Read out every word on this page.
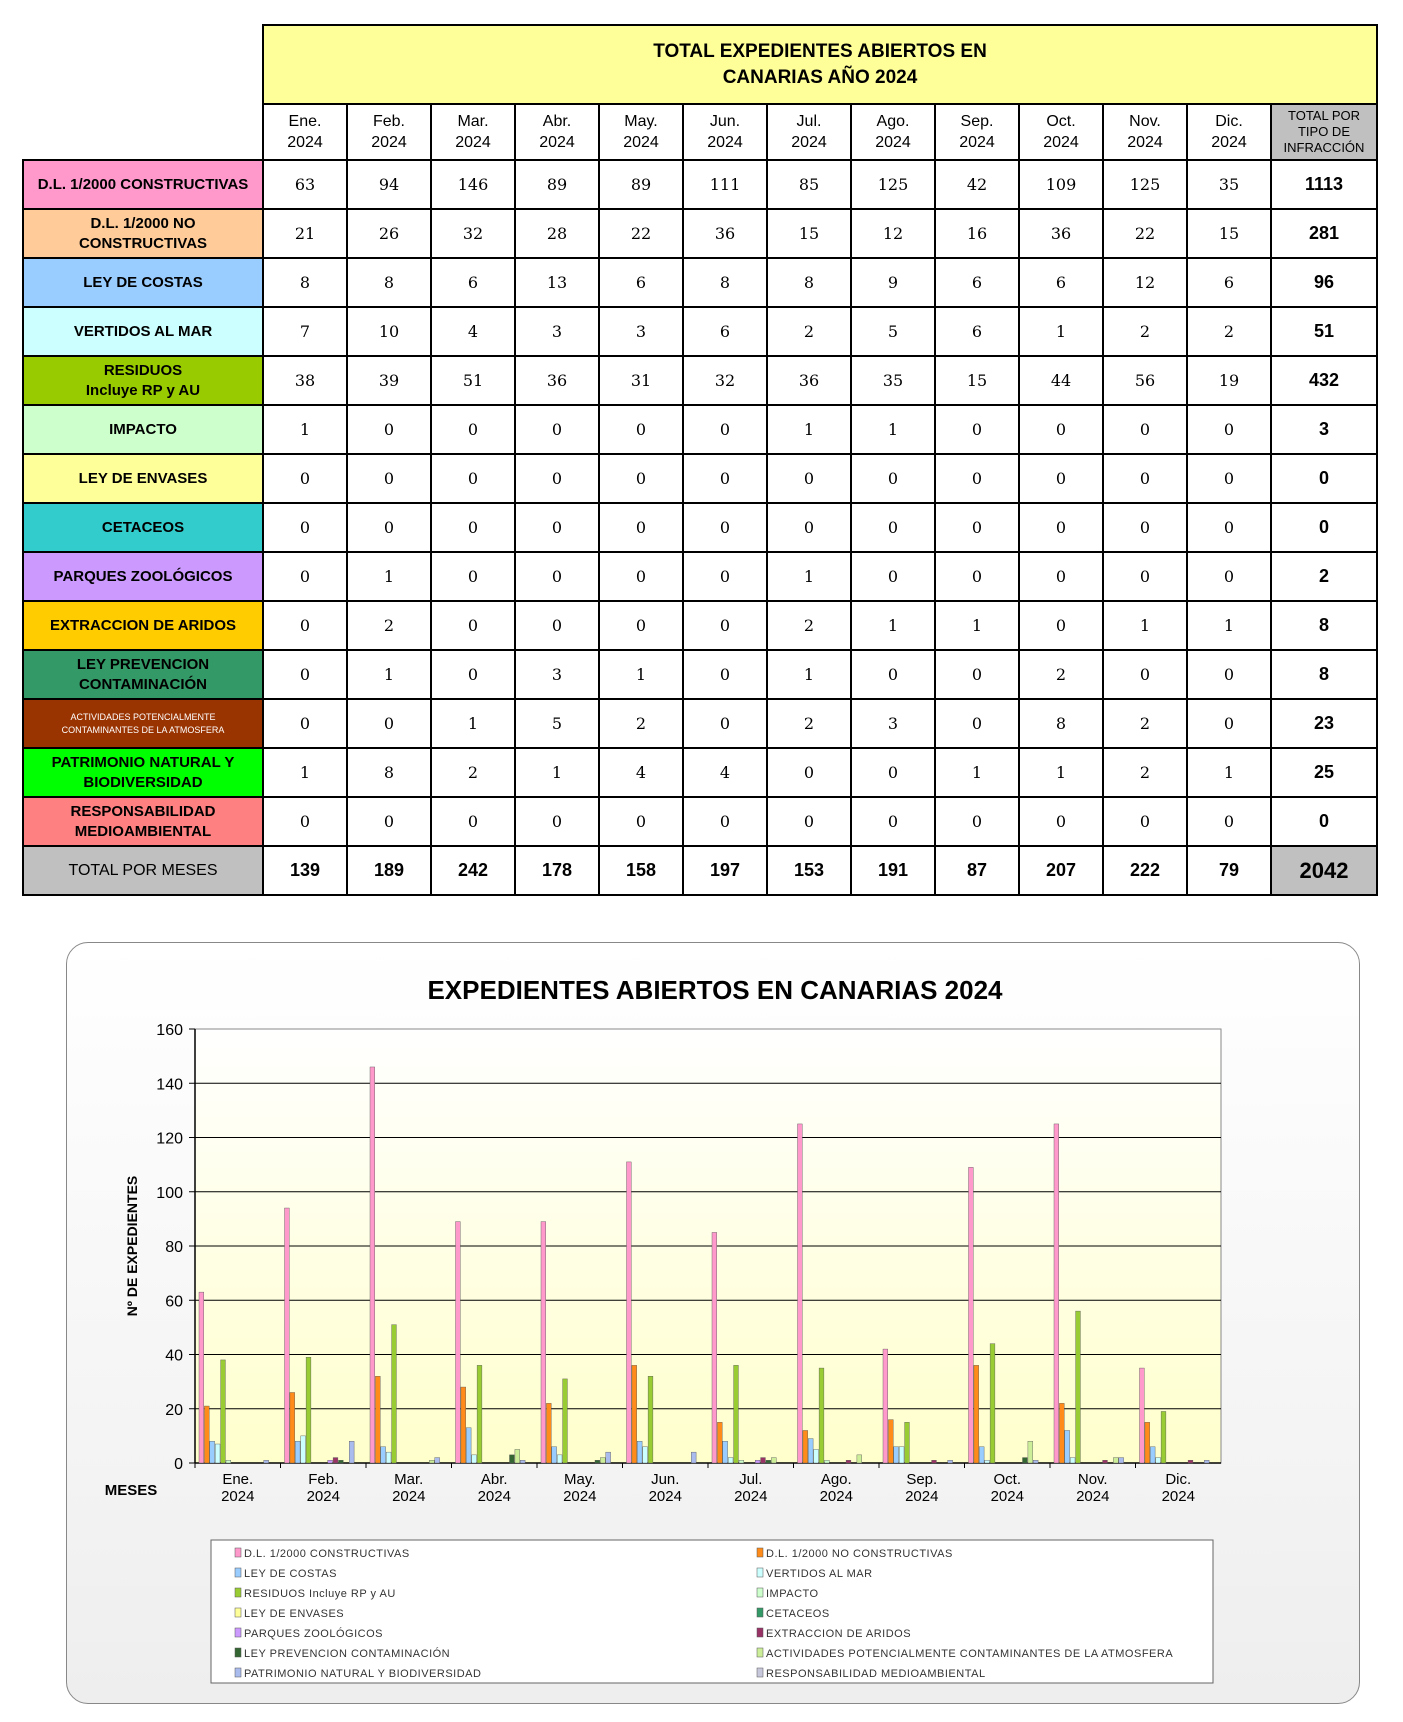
	TOTAL EXPEDIENTES ABIERTOS EN
CANARIAS AÑO 2024												
	Ene.
2024	Feb.
2024	Mar.
2024	Abr.
2024	May.
2024	Jun.
2024	Jul.
2024	Ago.
2024	Sep.
2024	Oct.
2024	Nov.
2024	Dic.
2024	TOTAL POR
TIPO DE
INFRACCIÓN
D.L. 1/2000 CONSTRUCTIVAS	63	94	146	89	89	111	85	125	42	109	125	35	1113
D.L. 1/2000 NO
CONSTRUCTIVAS	21	26	32	28	22	36	15	12	16	36	22	15	281
LEY DE COSTAS	8	8	6	13	6	8	8	9	6	6	12	6	96
VERTIDOS AL MAR	7	10	4	3	3	6	2	5	6	1	2	2	51
RESIDUOS
Incluye RP y AU	38	39	51	36	31	32	36	35	15	44	56	19	432
IMPACTO	1	0	0	0	0	0	1	1	0	0	0	0	3
LEY DE ENVASES	0	0	0	0	0	0	0	0	0	0	0	0	0
CETACEOS	0	0	0	0	0	0	0	0	0	0	0	0	0
PARQUES ZOOLÓGICOS	0	1	0	0	0	0	1	0	0	0	0	0	2
EXTRACCION DE ARIDOS	0	2	0	0	0	0	2	1	1	0	1	1	8
LEY PREVENCION
CONTAMINACIÓN	0	1	0	3	1	0	1	0	0	2	0	0	8
ACTIVIDADES POTENCIALMENTE
CONTAMINANTES DE LA ATMOSFERA	0	0	1	5	2	0	2	3	0	8	2	0	23
PATRIMONIO NATURAL Y
BIODIVERSIDAD	1	8	2	1	4	4	0	0	1	1	2	1	25
RESPONSABILIDAD
MEDIOAMBIENTAL	0	0	0	0	0	0	0	0	0	0	0	0	0
TOTAL POR MESES	139	189	242	178	158	197	153	191	87	207	222	79	2042
EXPEDIENTES ABIERTOS EN CANARIAS 2024
0
20
40
60
80
100
120
140
160
Nº DE EXPEDIENTES
MESES
Ene.
2024
Feb.
2024
Mar.
2024
Abr.
2024
May.
2024
Jun.
2024
Jul.
2024
Ago.
2024
Sep.
2024
Oct.
2024
Nov.
2024
Dic.
2024
D.L. 1/2000 CONSTRUCTIVAS	D.L. 1/2000 NO CONSTRUCTIVAS
LEY DE COSTAS	VERTIDOS AL MAR
RESIDUOS Incluye RP y AU	IMPACTO
LEY DE ENVASES	CETACEOS
PARQUES ZOOLÓGICOS	EXTRACCION DE ARIDOS
LEY PREVENCION CONTAMINACIÓN	ACTIVIDADES POTENCIALMENTE CONTAMINANTES DE LA ATMOSFERA
PATRIMONIO NATURAL Y BIODIVERSIDAD	RESPONSABILIDAD MEDIOAMBIENTAL
